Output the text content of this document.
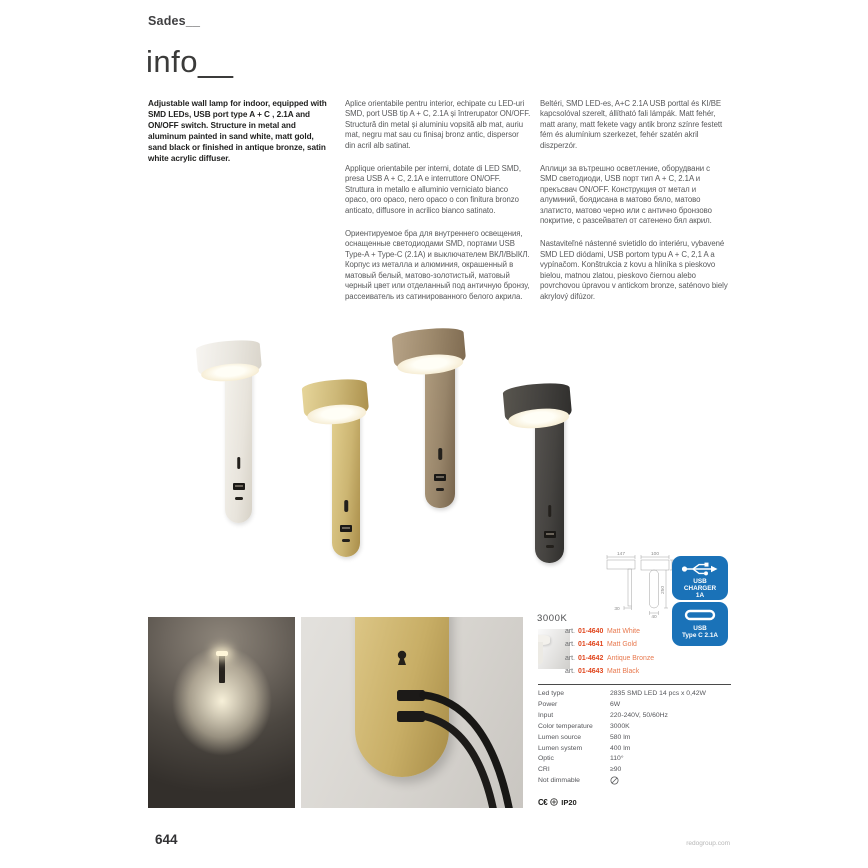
Sades__
info__

Adjustable wall lamp for indoor, equipped with SMD LEDs, USB port type A + C , 2.1A and ON/OFF switch. Structure in metal and aluminum painted in sand white, matt gold, sand black or finished in antique bronze, satin white acrylic diffuser.

Aplice orientabile pentru interior, echipate cu LED-uri SMD, port USB tip A + C, 2.1A și întrerupator ON/OFF. Structură din metal și aluminiu vopsită alb mat, auriu mat, negru mat sau cu finisaj bronz antic, dispersor din acril alb satinat.

Applique orientabile per interni, dotate di LED SMD, presa USB A + C, 2.1A e interruttore ON/OFF. Struttura in metallo e alluminio verniciato bianco opaco, oro opaco, nero opaco o con finitura bronzo anticato, diffusore in acrilico bianco satinato.

Ориентируемое бра для внутреннего освещения, оснащенные светодиодами SMD, портами USB Type-A + Type-C (2.1A) и выключателем ВКЛ/ВЫКЛ. Корпус из металла и алюминия, окрашенный в матовый белый, матово-золотистый, матовый черный цвет или отделанный под античную бронзу, рассеиватель из сатинированного белого акрила.

Beltéri, SMD LED-es, A+C 2.1A USB porttal és KI/BE kapcsolóval szerelt, állítható fali lámpák. Matt fehér, matt arany, matt fekete vagy antik bronz színre festett fém és alumínium szerkezet, fehér szatén akril diszperzór.

Аплици за вътрешно осветление, оборудвани с SMD светодиоди, USB порт тип A + C, 2.1A и прекъсвач ON/OFF. Конструкция от метал и алуминий, боядисана в матово бяло, матово златисто, матово черно или с антично бронзово покритие, с разсейвател от сатенено бял акрил.

Nastaviteľné nástenné svietidlo do interiéru, vybavené SMD LED diódami, USB portom typu A + C, 2,1 A a vypínačom. Konštrukcia z kovu a hliníka s pieskovo bielou, matnou zlatou, pieskovo čiernou alebo povrchovou úpravou v antickom bronze, saténovo biely akrylový difúzor.

147
30
100
250
40
USB
CHARGER
1A
USB
Type C 2.1A
3000K
art. 01-4640 Matt White
art. 01-4641 Matt Gold
art. 01-4642 Antique Bronze
art. 01-4643 Matt Black
Led type	2835 SMD LED 14 pcs x 0,42W
Power	6W
Input	220-240V, 50/60Hz
Color temperature	3000K
Lumen source	580 lm
Lumen system	400 lm
Optic	110°
CRI	≥90
Not dimmable
C€ IP20
644	redogroup.com
